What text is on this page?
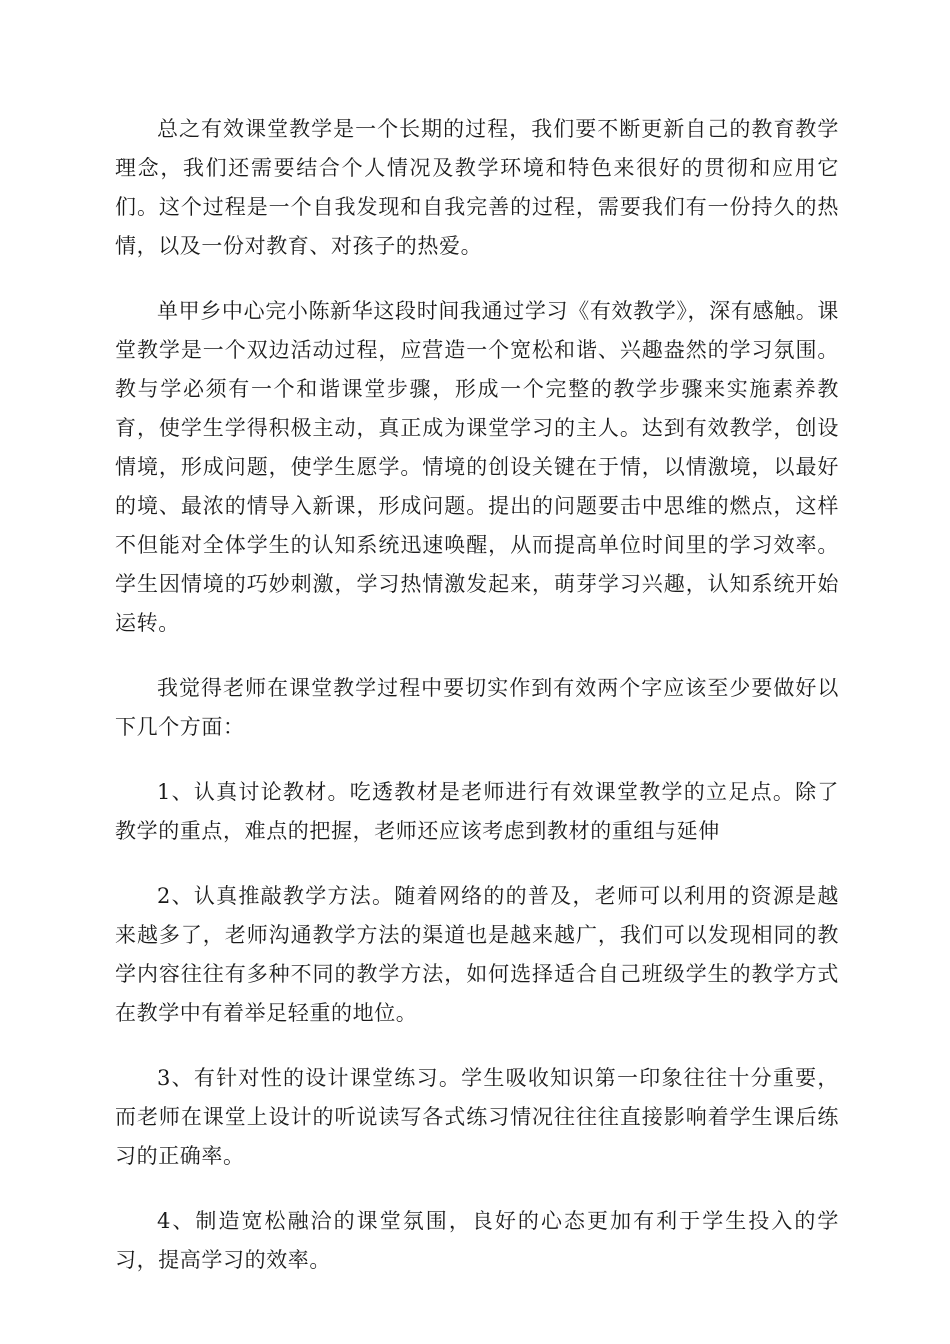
总之有效课堂教学是一个长期的过程，我们要不断更新自己的教育教学理念，我们还需要结合个人情况及教学环境和特色来很好的贯彻和应用它们。这个过程是一个自我发现和自我完善的过程，需要我们有一份持久的热情，以及一份对教育、对孩子的热爱。

单甲乡中心完小陈新华这段时间我通过学习《有效教学》，深有感触。课堂教学是一个双边活动过程，应营造一个宽松和谐、兴趣盎然的学习氛围。教与学必须有一个和谐课堂步骤，形成一个完整的教学步骤来实施素养教育，使学生学得积极主动，真正成为课堂学习的主人。达到有效教学，创设情境，形成问题，使学生愿学。情境的创设关键在于情，以情激境，以最好的境、最浓的情导入新课，形成问题。提出的问题要击中思维的燃点，这样不但能对全体学生的认知系统迅速唤醒，从而提高单位时间里的学习效率。学生因情境的巧妙刺激，学习热情激发起来，萌芽学习兴趣，认知系统开始运转。

我觉得老师在课堂教学过程中要切实作到有效两个字应该至少要做好以下几个方面：

1、认真讨论教材。吃透教材是老师进行有效课堂教学的立足点。除了教学的重点，难点的把握，老师还应该考虑到教材的重组与延伸

2、认真推敲教学方法。随着网络的的普及，老师可以利用的资源是越来越多了，老师沟通教学方法的渠道也是越来越广，我们可以发现相同的教学内容往往有多种不同的教学方法，如何选择适合自己班级学生的教学方式在教学中有着举足轻重的地位。

3、有针对性的设计课堂练习。学生吸收知识第一印象往往十分重要，而老师在课堂上设计的听说读写各式练习情况往往往直接影响着学生课后练习的正确率。

4、制造宽松融洽的课堂氛围，良好的心态更加有利于学生投入的学习，提高学习的效率。
